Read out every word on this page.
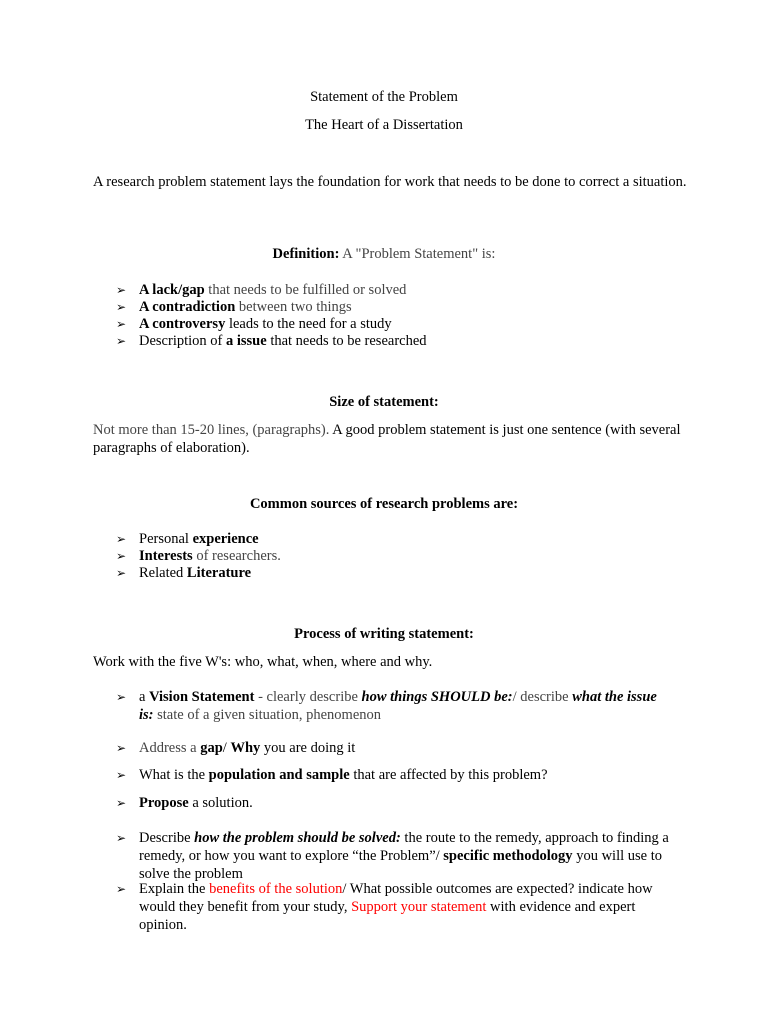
Statement of the Problem
The Heart of a Dissertation
A research problem statement lays the foundation for work that needs to be done to correct a situation.
Definition: A "Problem Statement" is:
➢ A lack/gap that needs to be fulfilled or solved
➢ A contradiction between two things
➢ A controversy leads to the need for a study
➢ Description of a issue that needs to be researched
Size of statement:
Not more than 15-20 lines, (paragraphs). A good problem statement is just one sentence (with several paragraphs of elaboration).
Common sources of research problems are:
➢ Personal experience
➢ Interests of researchers.
➢ Related Literature
Process of writing statement:
Work with the five W's: who, what, when, where and why.
➢ a Vision Statement - clearly describe how things SHOULD be:/ describe what the issue is: state of a given situation, phenomenon
➢ Address a gap/ Why you are doing it
➢ What is the population and sample that are affected by this problem?
➢ Propose a solution.
➢ Describe how the problem should be solved: the route to the remedy, approach to finding a remedy, or how you want to explore “the Problem”/ specific methodology you will use to solve the problem
➢ Explain the benefits of the solution/ What possible outcomes are expected? indicate how would they benefit from your study, Support your statement with evidence and expert opinion.
